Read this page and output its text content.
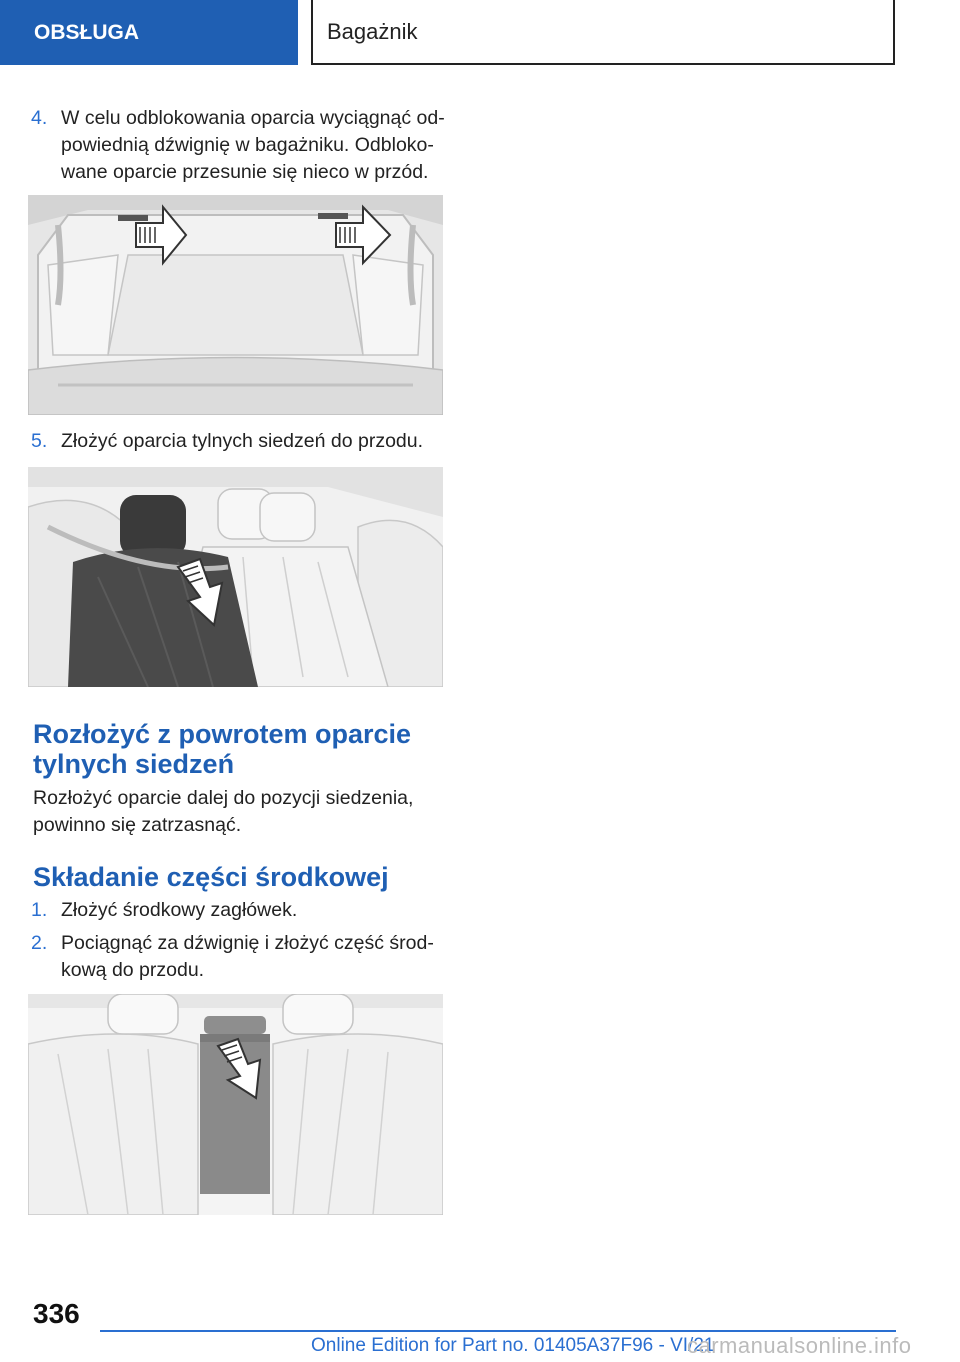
OBSŁUGA	Bagażnik
4. W celu odblokowania oparcia wyciągnąć odpowiednią dźwignię w bagażniku. Odblokowane oparcie przesunie się nieco w przód.
5. Złożyć oparcia tylnych siedzeń do przodu.
Rozłożyć z powrotem oparcie tylnych siedzeń
Rozłożyć oparcie dalej do pozycji siedzenia, powinno się zatrzasnąć.
Składanie części środkowej
1. Złożyć środkowy zagłówek.
2. Pociągnąć za dźwignię i złożyć część środkową do przodu.
336
Online Edition for Part no. 01405A37F96 - VI/21
carmanualsonline.info
